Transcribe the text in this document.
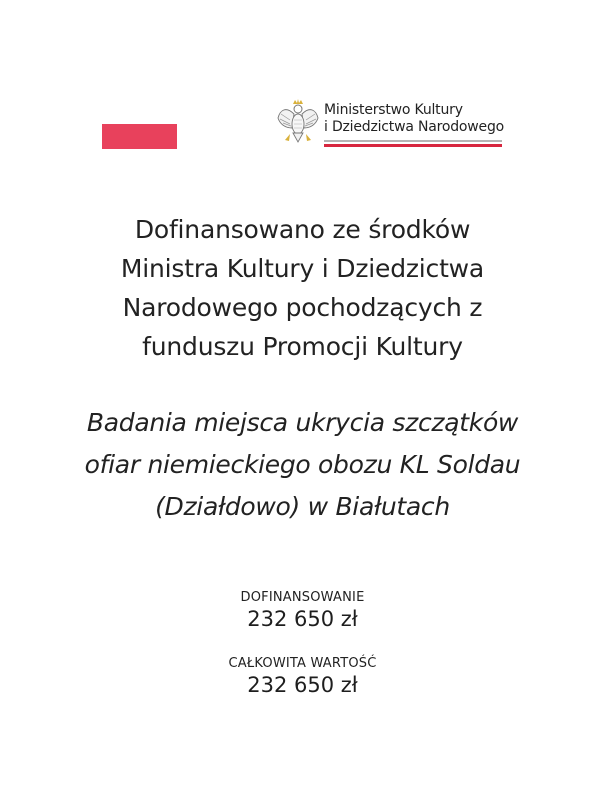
Ministerstwo Kultury
i Dziedzictwa Narodowego
Dofinansowano ze środków
Ministra Kultury i Dziedzictwa
Narodowego pochodzących z
funduszu Promocji Kultury
Badania miejsca ukrycia szczątków
ofiar niemieckiego obozu KL Soldau
(Działdowo) w Białutach
DOFINANSOWANIE
232 650 zł
CAŁKOWITA WARTOŚĆ
232 650 zł
